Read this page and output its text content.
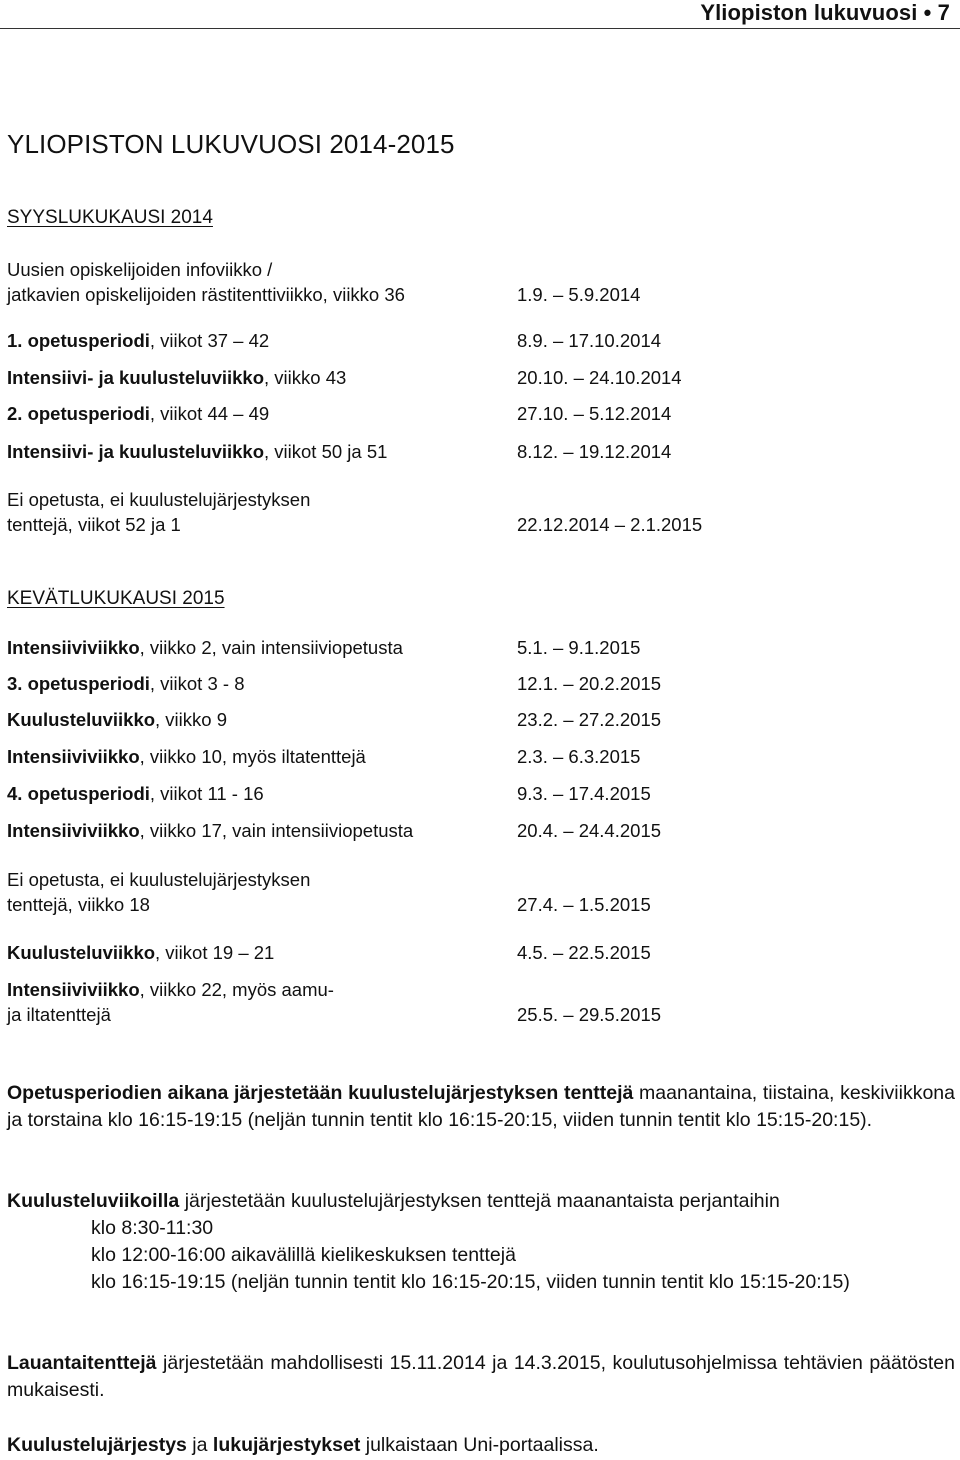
Yliopiston lukuvuosi • 7
YLIOPISTON LUKUVUOSI 2014-2015
SYYSLUKUKAUSI 2014
Uusien opiskelijoiden infoviikko /
jatkavien opiskelijoiden rästitenttiviikko, viikko 36	1.9. – 5.9.2014
1. opetusperiodi, viikot 37 – 42	8.9. – 17.10.2014
Intensiivi- ja kuulusteluviikko, viikko 43	20.10. – 24.10.2014
2. opetusperiodi, viikot 44 – 49	27.10. – 5.12.2014
Intensiivi- ja kuulusteluviikko, viikot 50 ja 51	8.12. – 19.12.2014
Ei opetusta, ei kuulustelujärjestyksen
tenttejä, viikot 52 ja 1	22.12.2014 – 2.1.2015
KEVÄTLUKUKAUSI 2015
Intensiiviviikko, viikko 2, vain intensiiviopetusta	5.1. – 9.1.2015
3. opetusperiodi, viikot 3 - 8	12.1. – 20.2.2015
Kuulusteluviikko, viikko 9	23.2. – 27.2.2015
Intensiiviviikko, viikko 10, myös iltatenttejä	2.3. – 6.3.2015
4. opetusperiodi, viikot 11 - 16	9.3. – 17.4.2015
Intensiiviviikko, viikko 17, vain intensiiviopetusta	20.4. – 24.4.2015
Ei opetusta, ei kuulustelujärjestyksen
tenttejä, viikko 18	27.4. – 1.5.2015
Kuulusteluviikko, viikot 19 – 21	4.5. – 22.5.2015
Intensiiviviikko, viikko 22, myös aamu-
ja iltatenttejä	25.5. – 29.5.2015
Opetusperiodien aikana järjestetään kuulustelujärjestyksen tenttejä maanantaina, tiistaina, keskiviikkona ja torstaina klo 16:15-19:15 (neljän tunnin tentit klo 16:15-20:15, viiden tunnin tentit klo 15:15-20:15).
Kuulusteluviikoilla järjestetään kuulustelujärjestyksen tenttejä maanantaista perjantaihin
klo 8:30-11:30
klo 12:00-16:00 aikavälillä kielikeskuksen tenttejä
klo 16:15-19:15 (neljän tunnin tentit klo 16:15-20:15, viiden tunnin tentit klo 15:15-20:15)
Lauantaitenttejä järjestetään mahdollisesti 15.11.2014 ja 14.3.2015, koulutusohjelmissa tehtävien päätösten mukaisesti.
Kuulustelujärjestys ja lukujärjestykset julkaistaan Uni-portaalissa.
